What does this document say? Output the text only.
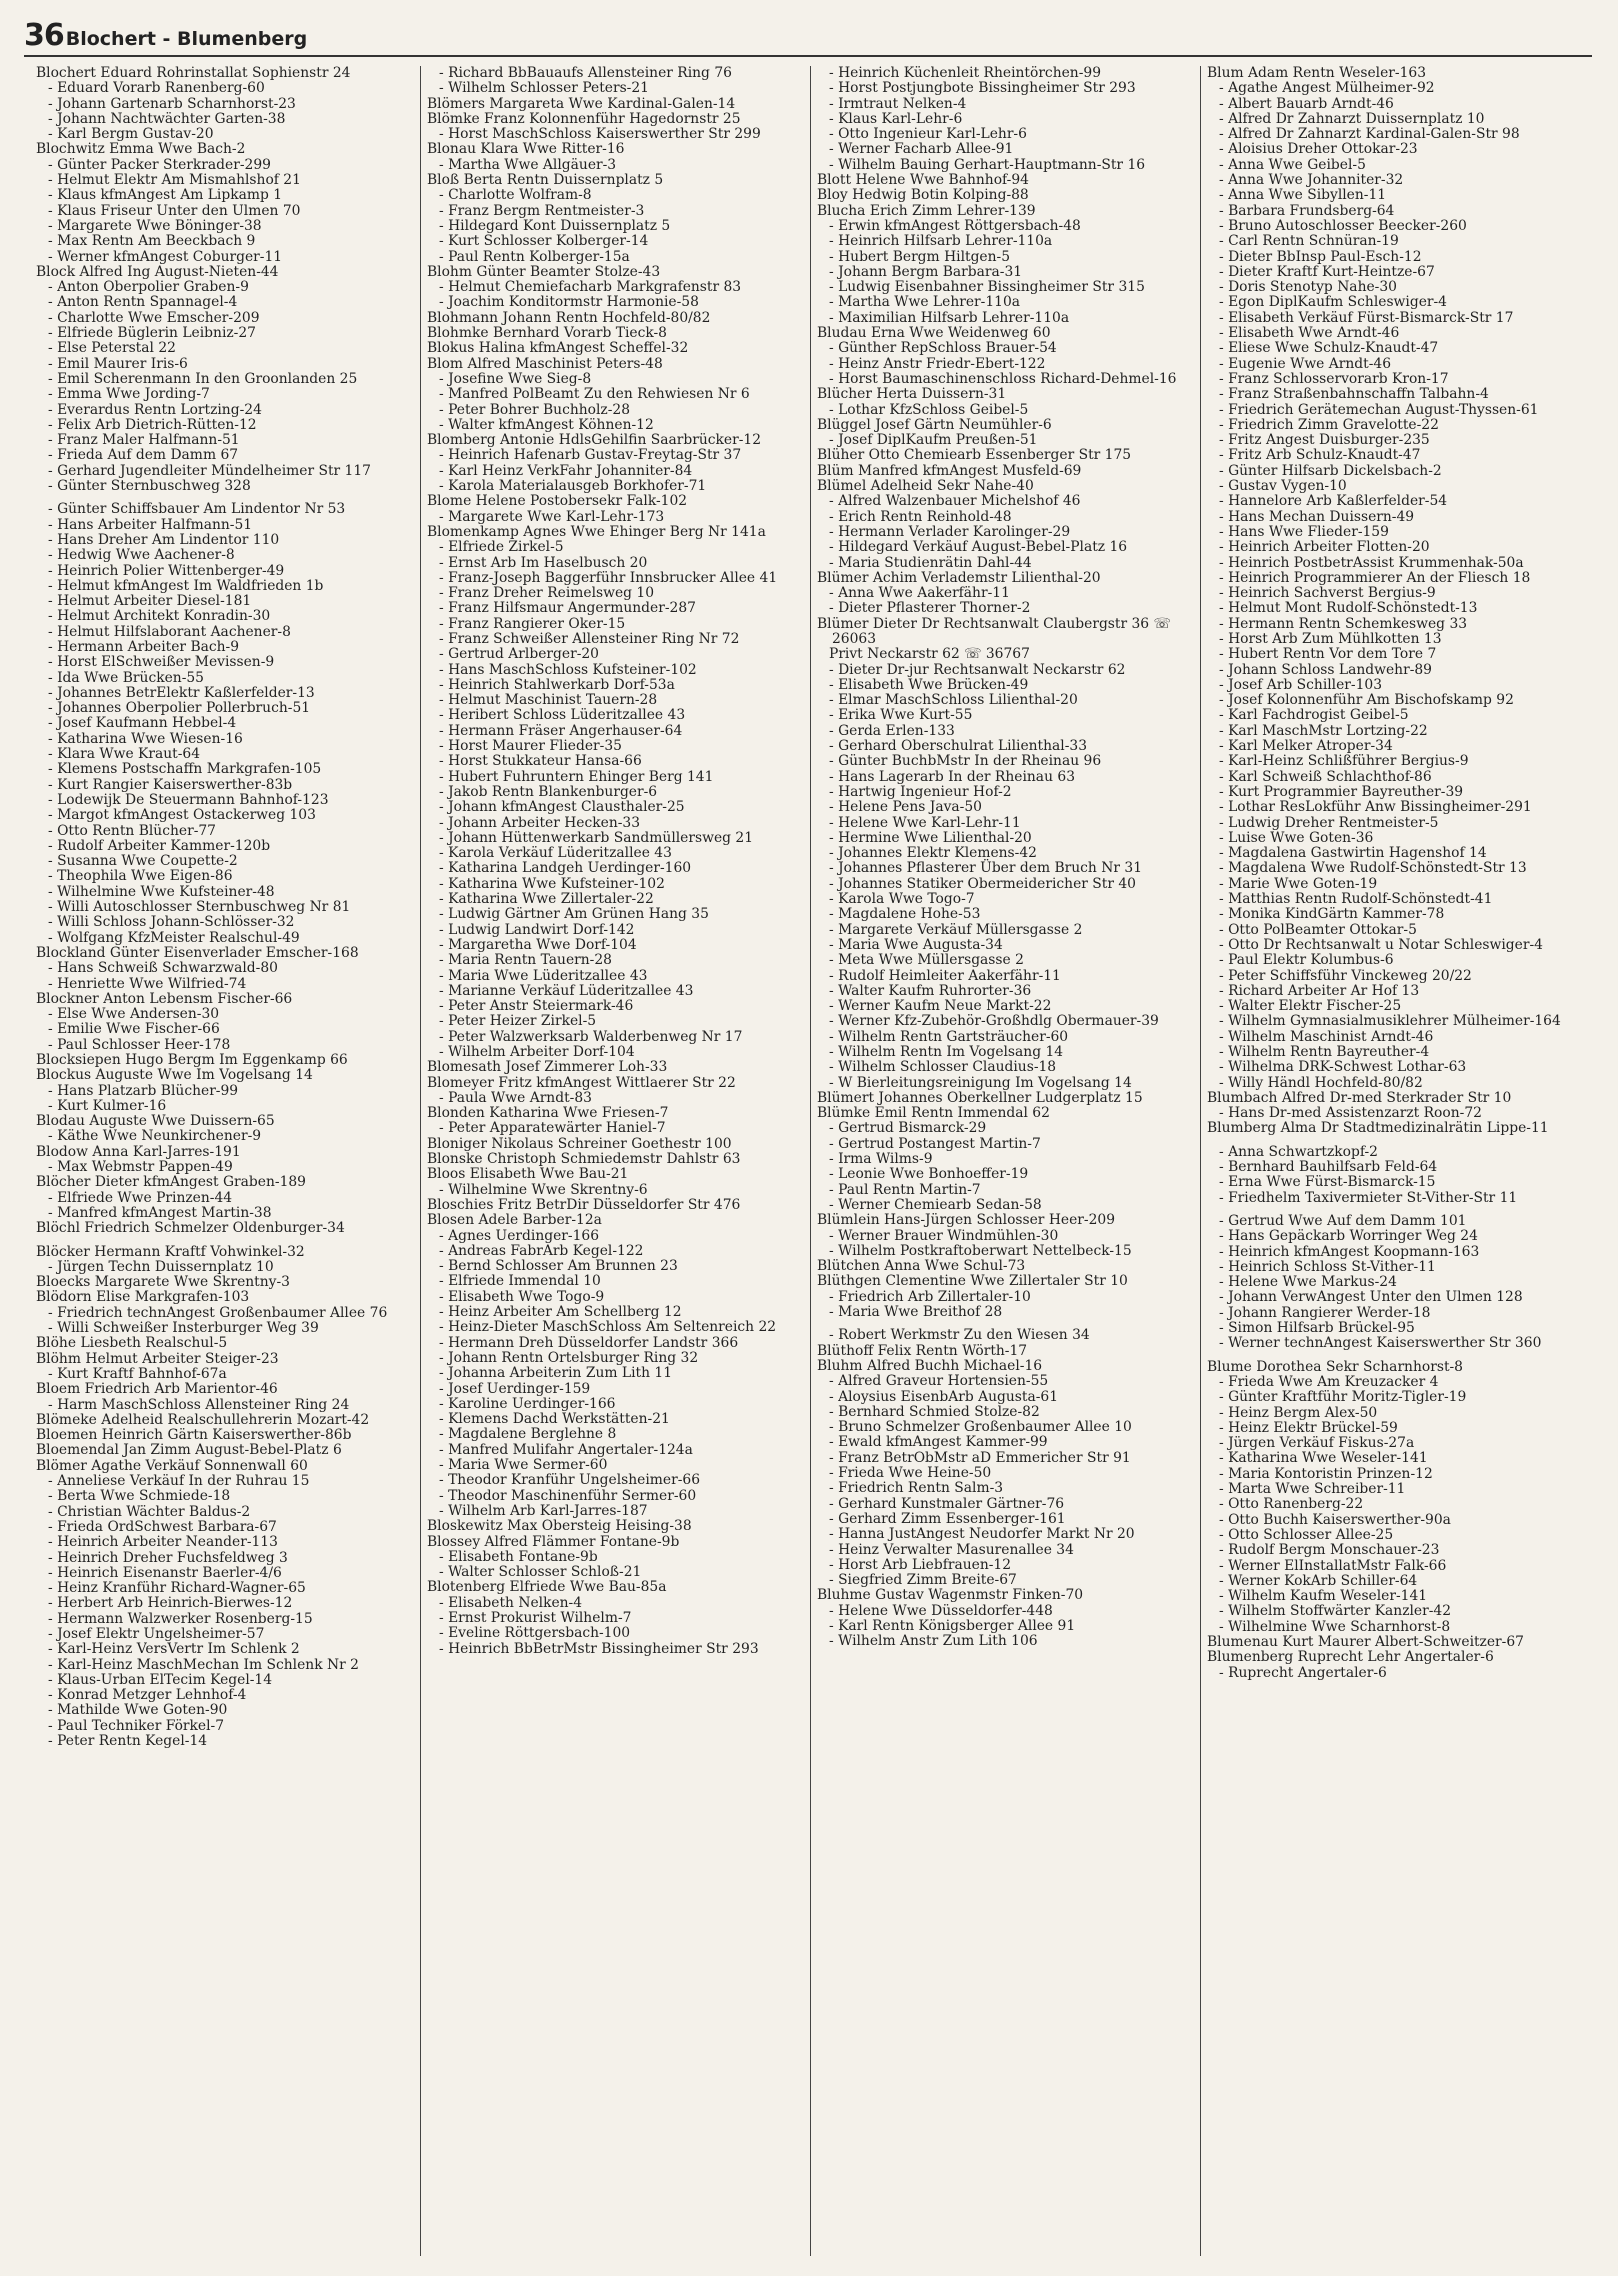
36 Blochert - Blumenberg
Blochert Eduard Rohrinstallat Sophienstr 24
- Eduard Vorarb Ranenberg-60
- Johann Gartenarb Scharnhorst-23
- Johann Nachtwächter Garten-38
- Karl Bergm Gustav-20
Blochwitz Emma Wwe Bach-2
- Günter Packer Sterkrader-299
- Helmut Elektr Am Mismahlshof 21
- Klaus kfmAngest Am Lipkamp 1
- Klaus Friseur Unter den Ulmen 70
- Margarete Wwe Böninger-38
- Max Rentn Am Beeckbach 9
- Werner kfmAngest Coburger-11
Block Alfred Ing August-Nieten-44
- Anton Oberpolier Graben-9
- Anton Rentn Spannagel-4
- Charlotte Wwe Emscher-209
- Elfriede Büglerin Leibniz-27
- Else Peterstal 22
- Emil Maurer Iris-6
- Emil Scherenmann In den Groonlanden 25
- Emma Wwe Jording-7
- Everardus Rentn Lortzing-24
- Felix Arb Dietrich-Rütten-12
- Franz Maler Halfmann-51
- Frieda Auf dem Damm 67
- Gerhard Jugendleiter Mündelheimer Str 117
- Günter Sternbuschweg 328
- Günter Schiffsbauer Am Lindentor Nr 53
- Hans Arbeiter Halfmann-51
- Hans Dreher Am Lindentor 110
- Hedwig Wwe Aachener-8
- Heinrich Polier Wittenberger-49
- Helmut kfmAngest Im Waldfrieden 1b
- Helmut Arbeiter Diesel-181
- Helmut Architekt Konradin-30
- Helmut Hilfslaborant Aachener-8
- Hermann Arbeiter Bach-9
- Horst ElSchweißer Mevissen-9
- Ida Wwe Brücken-55
- Johannes BetrElektr Kaßlerfelder-13
- Johannes Oberpolier Pollerbruch-51
- Josef Kaufmann Hebbel-4
- Katharina Wwe Wiesen-16
- Klara Wwe Kraut-64
- Klemens Postschaffn Markgrafen-105
- Kurt Rangier Kaiserswerther-83b
- Lodewijk De Steuermann Bahnhof-123
- Margot kfmAngest Ostackerweg 103
- Otto Rentn Blücher-77
- Rudolf Arbeiter Kammer-120b
- Susanna Wwe Coupette-2
- Theophila Wwe Eigen-86
- Wilhelmine Wwe Kufsteiner-48
- Willi Autoschlosser Sternbuschweg Nr 81
- Willi Schloss Johann-Schlösser-32
- Wolfgang KfzMeister Realschul-49
Blockland Günter Eisenverlader Emscher-168
- Hans Schweiß Schwarzwald-80
- Henriette Wwe Wilfried-74
Blockner Anton Lebensm Fischer-66
- Else Wwe Andersen-30
- Emilie Wwe Fischer-66
- Paul Schlosser Heer-178
Blocksiepen Hugo Bergm Im Eggenkamp 66
Blockus Auguste Wwe Im Vogelsang 14
- Hans Platzarb Blücher-99
- Kurt Kulmer-16
Blodau Auguste Wwe Duissern-65
- Käthe Wwe Neunkirchener-9
Blodow Anna Karl-Jarres-191
- Max Webmstr Pappen-49
Blöcher Dieter kfmAngest Graben-189
- Elfriede Wwe Prinzen-44
- Manfred kfmAngest Martin-38
Blöchl Friedrich Schmelzer Oldenburger-34
Blöcker Hermann Kraftf Vohwinkel-32
- Jürgen Techn Duissernplatz 10
Bloecks Margarete Wwe Skrentny-3
Blödorn Elise Markgrafen-103
- Friedrich technAngest Großenbaumer Allee 76
- Willi Schweißer Insterburger Weg 39
Blöhe Liesbeth Realschul-5
Blöhm Helmut Arbeiter Steiger-23
- Kurt Kraftf Bahnhof-67a
Bloem Friedrich Arb Marientor-46
- Harm MaschSchloss Allensteiner Ring 24
Blömeke Adelheid Realschullehrerin Mozart-42
Bloemen Heinrich Gärtn Kaiserswerther-86b
Bloemendal Jan Zimm August-Bebel-Platz 6
Blömer Agathe Verkäuf Sonnenwall 60
- Anneliese Verkäuf In der Ruhrau 15
- Berta Wwe Schmiede-18
- Christian Wächter Baldus-2
- Frieda OrdSchwest Barbara-67
- Heinrich Arbeiter Neander-113
- Heinrich Dreher Fuchsfeldweg 3
- Heinrich Eisenanstr Baerler-4/6
- Heinz Kranführ Richard-Wagner-65
- Herbert Arb Heinrich-Bierwes-12
- Hermann Walzwerker Rosenberg-15
- Josef Elektr Ungelsheimer-57
- Karl-Heinz VersVertr Im Schlenk 2
- Karl-Heinz MaschMechan Im Schlenk Nr 2
- Klaus-Urban ElTecim Kegel-14
- Konrad Metzger Lehnhof-4
- Mathilde Wwe Goten-90
- Paul Techniker Förkel-7
- Peter Rentn Kegel-14
- Richard BbBauaufs Allensteiner Ring 76
- Wilhelm Schlosser Peters-21
Blömers Margareta Wwe Kardinal-Galen-14
Blömke Franz Kolonnenführ Hagedornstr 25
- Horst MaschSchloss Kaiserswerther Str 299
Blonau Klara Wwe Ritter-16
- Martha Wwe Allgäuer-3
Bloß Berta Rentn Duissernplatz 5
- Charlotte Wolfram-8
- Franz Bergm Rentmeister-3
- Hildegard Kont Duissernplatz 5
- Kurt Schlosser Kolberger-14
- Paul Rentn Kolberger-15a
Blohm Günter Beamter Stolze-43
- Helmut Chemiefacharb Markgrafenstr 83
- Joachim Konditormstr Harmonie-58
Blohmann Johann Rentn Hochfeld-80/82
Blohmke Bernhard Vorarb Tieck-8
Blokus Halina kfmAngest Scheffel-32
Blom Alfred Maschinist Peters-48
- Josefine Wwe Sieg-8
- Manfred PolBeamt Zu den Rehwiesen Nr 6
- Peter Bohrer Buchholz-28
- Walter kfmAngest Köhnen-12
Blomberg Antonie HdlsGehilfin Saarbrücker-12
- Heinrich Hafenarb Gustav-Freytag-Str 37
- Karl Heinz VerkFahr Johanniter-84
- Karola Materialausgeb Borkhofer-71
Blome Helene Postobersekr Falk-102
- Margarete Wwe Karl-Lehr-173
Blomenkamp Agnes Wwe Ehinger Berg Nr 141a
- Elfriede Zirkel-5
- Ernst Arb Im Haselbusch 20
- Franz-Joseph Baggerführ Innsbrucker Allee 41
- Franz Dreher Reimelsweg 10
- Franz Hilfsmaur Angermunder-287
- Franz Rangierer Oker-15
- Franz Schweißer Allensteiner Ring Nr 72
- Gertrud Arlberger-20
- Hans MaschSchloss Kufsteiner-102
- Heinrich Stahlwerkarb Dorf-53a
- Helmut Maschinist Tauern-28
- Heribert Schloss Lüderitzallee 43
- Hermann Fräser Angerhauser-64
- Horst Maurer Flieder-35
- Horst Stukkateur Hansa-66
- Hubert Fuhruntern Ehinger Berg 141
- Jakob Rentn Blankenburger-6
- Johann kfmAngest Clausthaler-25
- Johann Arbeiter Hecken-33
- Johann Hüttenwerkarb Sandmüllersweg 21
- Karola Verkäuf Lüderitzallee 43
- Katharina Landgeh Uerdinger-160
- Katharina Wwe Kufsteiner-102
- Katharina Wwe Zillertaler-22
- Ludwig Gärtner Am Grünen Hang 35
- Ludwig Landwirt Dorf-142
- Margaretha Wwe Dorf-104
- Maria Rentn Tauern-28
- Maria Wwe Lüderitzallee 43
- Marianne Verkäuf Lüderitzallee 43
- Peter Anstr Steiermark-46
- Peter Heizer Zirkel-5
- Peter Walzwerksarb Walderbenweg Nr 17
- Wilhelm Arbeiter Dorf-104
Blomesath Josef Zimmerer Loh-33
Blomeyer Fritz kfmAngest Wittlaerer Str 22
- Paula Wwe Arndt-83
Blonden Katharina Wwe Friesen-7
- Peter Apparatewärter Haniel-7
Bloniger Nikolaus Schreiner Goethestr 100
Blonske Christoph Schmiedemstr Dahlstr 63
Bloos Elisabeth Wwe Bau-21
- Wilhelmine Wwe Skrentny-6
Bloschies Fritz BetrDir Düsseldorfer Str 476
Blosen Adele Barber-12a
- Agnes Uerdinger-166
- Andreas FabrArb Kegel-122
- Bernd Schlosser Am Brunnen 23
- Elfriede Immendal 10
- Elisabeth Wwe Togo-9
- Heinz Arbeiter Am Schellberg 12
- Heinz-Dieter MaschSchloss Am Seltenreich 22
- Hermann Dreh Düsseldorfer Landstr 366
- Johann Rentn Ortelsburger Ring 32
- Johanna Arbeiterin Zum Lith 11
- Josef Uerdinger-159
- Karoline Uerdinger-166
- Klemens Dachd Werkstätten-21
- Magdalene Berglehne 8
- Manfred Mulifahr Angertaler-124a
- Maria Wwe Sermer-60
- Theodor Kranführ Ungelsheimer-66
- Theodor Maschinenführ Sermer-60
- Wilhelm Arb Karl-Jarres-187
Bloskewitz Max Obersteig Heising-38
Blossey Alfred Flämmer Fontane-9b
- Elisabeth Fontane-9b
- Walter Schlosser Schloß-21
Blotenberg Elfriede Wwe Bau-85a
- Elisabeth Nelken-4
- Ernst Prokurist Wilhelm-7
- Eveline Röttgersbach-100
- Heinrich BbBetrMstr Bissingheimer Str 293
- Heinrich Küchenleit Rheintörchen-99
- Horst Postjungbote Bissingheimer Str 293
- Irmtraut Nelken-4
- Klaus Karl-Lehr-6
- Otto Ingenieur Karl-Lehr-6
- Werner Facharb Allee-91
- Wilhelm Bauing Gerhart-Hauptmann-Str 16
Blott Helene Wwe Bahnhof-94
Bloy Hedwig Botin Kolping-88
Blucha Erich Zimm Lehrer-139
- Erwin kfmAngest Röttgersbach-48
- Heinrich Hilfsarb Lehrer-110a
- Hubert Bergm Hiltgen-5
- Johann Bergm Barbara-31
- Ludwig Eisenbahner Bissingheimer Str 315
- Martha Wwe Lehrer-110a
- Maximilian Hilfsarb Lehrer-110a
Bludau Erna Wwe Weidenweg 60
- Günther RepSchloss Brauer-54
- Heinz Anstr Friedr-Ebert-122
- Horst Baumaschinenschloss Richard-Dehmel-16
Blücher Herta Duissern-31
- Lothar KfzSchloss Geibel-5
Blüggel Josef Gärtn Neumühler-6
- Josef DiplKaufm Preußen-51
Blüher Otto Chemiearb Essenberger Str 175
Blüm Manfred kfmAngest Musfeld-69
Blümel Adelheid Sekr Nahe-40
- Alfred Walzenbauer Michelshof 46
- Erich Rentn Reinhold-48
- Hermann Verlader Karolinger-29
- Hildegard Verkäuf August-Bebel-Platz 16
- Maria Studienrätin Dahl-44
Blümer Achim Verlademstr Lilienthal-20
- Anna Wwe Aakerfähr-11
- Dieter Pflasterer Thorner-2
Blümer Dieter Dr Rechtsanwalt Claubergstr 36 ☏ 26063
Privt Neckarstr 62 ☏ 36767
- Dieter Dr-jur Rechtsanwalt Neckarstr 62
- Elisabeth Wwe Brücken-49
- Elmar MaschSchloss Lilienthal-20
- Erika Wwe Kurt-55
- Gerda Erlen-133
- Gerhard Oberschulrat Lilienthal-33
- Günter BuchbMstr In der Rheinau 96
- Hans Lagerarb In der Rheinau 63
- Hartwig Ingenieur Hof-2
- Helene Pens Java-50
- Helene Wwe Karl-Lehr-11
- Hermine Wwe Lilienthal-20
- Johannes Elektr Klemens-42
- Johannes Pflasterer Über dem Bruch Nr 31
- Johannes Statiker Obermeidericher Str 40
- Karola Wwe Togo-7
- Magdalene Hohe-53
- Margarete Verkäuf Müllersgasse 2
- Maria Wwe Augusta-34
- Meta Wwe Müllersgasse 2
- Rudolf Heimleiter Aakerfähr-11
- Walter Kaufm Ruhrorter-36
- Werner Kaufm Neue Markt-22
- Werner Kfz-Zubehör-Großhdlg Obermauer-39
- Wilhelm Rentn Gartsträucher-60
- Wilhelm Rentn Im Vogelsang 14
- Wilhelm Schlosser Claudius-18
- W Bierleitungsreinigung Im Vogelsang 14
Blümert Johannes Oberkellner Ludgerplatz 15
Blümke Emil Rentn Immendal 62
- Gertrud Bismarck-29
- Gertrud Postangest Martin-7
- Irma Wilms-9
- Leonie Wwe Bonhoeffer-19
- Paul Rentn Martin-7
- Werner Chemiearb Sedan-58
Blümlein Hans-Jürgen Schlosser Heer-209
- Werner Brauer Windmühlen-30
- Wilhelm Postkraftoberwart Nettelbeck-15
Blütchen Anna Wwe Schul-73
Blüthgen Clementine Wwe Zillertaler Str 10
- Friedrich Arb Zillertaler-10
- Maria Wwe Breithof 28
- Robert Werkmstr Zu den Wiesen 34
Blüthoff Felix Rentn Wörth-17
Bluhm Alfred Buchh Michael-16
- Alfred Graveur Hortensien-55
- Aloysius EisenbArb Augusta-61
- Bernhard Schmied Stolze-82
- Bruno Schmelzer Großenbaumer Allee 10
- Ewald kfmAngest Kammer-99
- Franz BetrObMstr aD Emmericher Str 91
- Frieda Wwe Heine-50
- Friedrich Rentn Salm-3
- Gerhard Kunstmaler Gärtner-76
- Gerhard Zimm Essenberger-161
- Hanna JustAngest Neudorfer Markt Nr 20
- Heinz Verwalter Masurenallee 34
- Horst Arb Liebfrauen-12
- Siegfried Zimm Breite-67
Bluhme Gustav Wagenmstr Finken-70
- Helene Wwe Düsseldorfer-448
- Karl Rentn Königsberger Allee 91
- Wilhelm Anstr Zum Lith 106
Blum Adam Rentn Weseler-163
- Agathe Angest Mülheimer-92
- Albert Bauarb Arndt-46
- Alfred Dr Zahnarzt Duissernplatz 10
- Alfred Dr Zahnarzt Kardinal-Galen-Str 98
- Aloisius Dreher Ottokar-23
- Anna Wwe Geibel-5
- Anna Wwe Johanniter-32
- Anna Wwe Sibyllen-11
- Barbara Frundsberg-64
- Bruno Autoschlosser Beecker-260
- Carl Rentn Schnüran-19
- Dieter BbInsp Paul-Esch-12
- Dieter Kraftf Kurt-Heintze-67
- Doris Stenotyp Nahe-30
- Egon DiplKaufm Schleswiger-4
- Elisabeth Verkäuf Fürst-Bismarck-Str 17
- Elisabeth Wwe Arndt-46
- Eliese Wwe Schulz-Knaudt-47
- Eugenie Wwe Arndt-46
- Franz Schlosservorarb Kron-17
- Franz Straßenbahnschaffn Talbahn-4
- Friedrich Gerätemechan August-Thyssen-61
- Friedrich Zimm Gravelotte-22
- Fritz Angest Duisburger-235
- Fritz Arb Schulz-Knaudt-47
- Günter Hilfsarb Dickelsbach-2
- Gustav Vygen-10
- Hannelore Arb Kaßlerfelder-54
- Hans Mechan Duissern-49
- Hans Wwe Flieder-159
- Heinrich Arbeiter Flotten-20
- Heinrich PostbetrAssist Krummenhak-50a
- Heinrich Programmierer An der Fliesch 18
- Heinrich Sachverst Bergius-9
- Helmut Mont Rudolf-Schönstedt-13
- Hermann Rentn Schemkesweg 33
- Horst Arb Zum Mühlkotten 13
- Hubert Rentn Vor dem Tore 7
- Johann Schloss Landwehr-89
- Josef Arb Schiller-103
- Josef Kolonnenführ Am Bischofskamp 92
- Karl Fachdrogist Geibel-5
- Karl MaschMstr Lortzing-22
- Karl Melker Atroper-34
- Karl-Heinz Schlißführer Bergius-9
- Karl Schweiß Schlachthof-86
- Kurt Programmier Bayreuther-39
- Lothar ResLokführ Anw Bissingheimer-291
- Ludwig Dreher Rentmeister-5
- Luise Wwe Goten-36
- Magdalena Gastwirtin Hagenshof 14
- Magdalena Wwe Rudolf-Schönstedt-Str 13
- Marie Wwe Goten-19
- Matthias Rentn Rudolf-Schönstedt-41
- Monika KindGärtn Kammer-78
- Otto PolBeamter Ottokar-5
- Otto Dr Rechtsanwalt u Notar Schleswiger-4
- Paul Elektr Kolumbus-6
- Peter Schiffsführ Vinckeweg 20/22
- Richard Arbeiter Ar Hof 13
- Walter Elektr Fischer-25
- Wilhelm Gymnasialmusiklehrer Mülheimer-164
- Wilhelm Maschinist Arndt-46
- Wilhelm Rentn Bayreuther-4
- Wilhelma DRK-Schwest Lothar-63
- Willy Händl Hochfeld-80/82
Blumbach Alfred Dr-med Sterkrader Str 10
- Hans Dr-med Assistenzarzt Roon-72
Blumberg Alma Dr Stadtmedizinalrätin Lippe-11
- Anna Schwartzkopf-2
- Bernhard Bauhilfsarb Feld-64
- Erna Wwe Fürst-Bismarck-15
- Friedhelm Taxivermieter St-Vither-Str 11
- Gertrud Wwe Auf dem Damm 101
- Hans Gepäckarb Worringer Weg 24
- Heinrich kfmAngest Koopmann-163
- Heinrich Schloss St-Vither-11
- Helene Wwe Markus-24
- Johann VerwAngest Unter den Ulmen 128
- Johann Rangierer Werder-18
- Simon Hilfsarb Brückel-95
- Werner technAngest Kaiserswerther Str 360
Blume Dorothea Sekr Scharnhorst-8
- Frieda Wwe Am Kreuzacker 4
- Günter Kraftführ Moritz-Tigler-19
- Heinz Bergm Alex-50
- Heinz Elektr Brückel-59
- Jürgen Verkäuf Fiskus-27a
- Katharina Wwe Weseler-141
- Maria Kontoristin Prinzen-12
- Marta Wwe Schreiber-11
- Otto Ranenberg-22
- Otto Buchh Kaiserswerther-90a
- Otto Schlosser Allee-25
- Rudolf Bergm Monschauer-23
- Werner ElInstallatMstr Falk-66
- Werner KokArb Schiller-64
- Wilhelm Kaufm Weseler-141
- Wilhelm Stoffwärter Kanzler-42
- Wilhelmine Wwe Scharnhorst-8
Blumenau Kurt Maurer Albert-Schweitzer-67
Blumenberg Ruprecht Lehr Angertaler-6
- Ruprecht Angertaler-6
